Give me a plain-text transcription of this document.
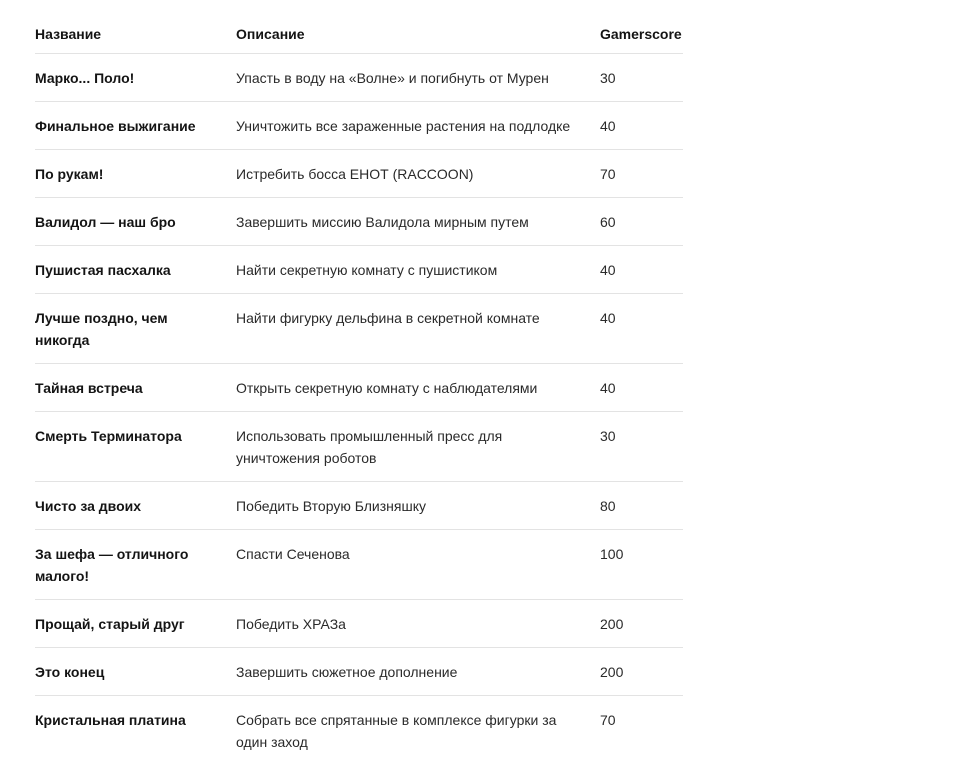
Название	Описание	Gamerscore
Марко... Поло!	Упасть в воду на «Волне» и погибнуть от Мурен	30
Финальное выжигание	Уничтожить все зараженные растения на подлодке	40
По рукам!	Истребить босса ЕНОТ (RACCOON)	70
Валидол — наш бро	Завершить миссию Валидола мирным путем	60
Пушистая пасхалка	Найти секретную комнату с пушистиком	40
Лучше поздно, чем никогда	Найти фигурку дельфина в секретной комнате	40
Тайная встреча	Открыть секретную комнату с наблюдателями	40
Смерть Терминатора	Использовать промышленный пресс для уничтожения роботов	30
Чисто за двоих	Победить Вторую Близняшку	80
За шефа — отличного малого!	Спасти Сеченова	100
Прощай, старый друг	Победить ХРАЗа	200
Это конец	Завершить сюжетное дополнение	200
Кристальная платина	Собрать все спрятанные в комплексе фигурки за один заход	70
